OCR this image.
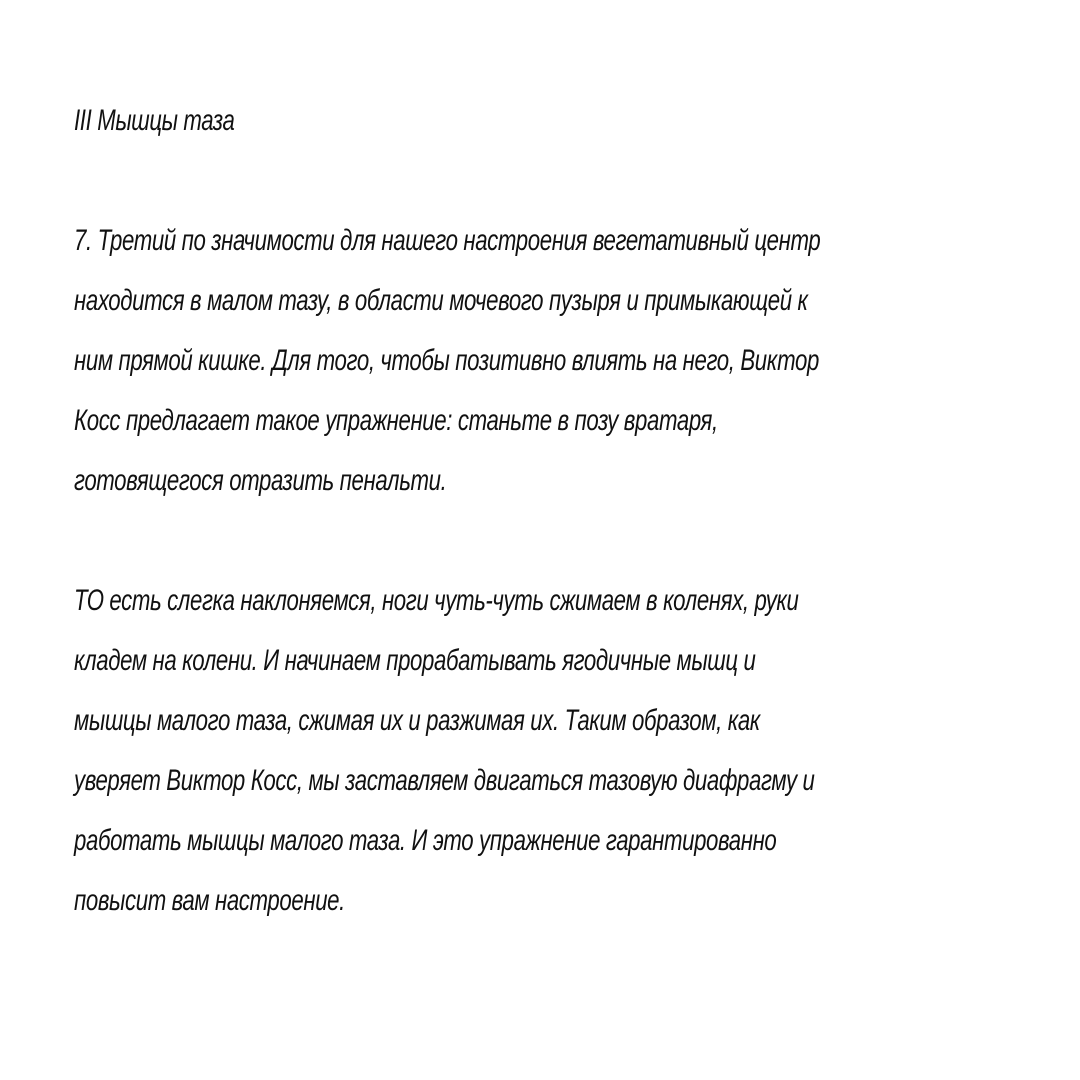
III Мышцы таза
7. Третий по значимости для нашего настроения вегетативный центр
находится в малом тазу, в области мочевого пузыря и примыкающей к
ним прямой кишке. Для того, чтобы позитивно влиять на него, Виктор
Косс предлагает такое упражнение: станьте в позу вратаря,
готовящегося отразить пенальти.
ТО есть слегка наклоняемся, ноги чуть-чуть сжимаем в коленях, руки
кладем на колени. И начинаем прорабатывать ягодичные мышц и
мышцы малого таза, сжимая их и разжимая их. Таким образом, как
уверяет Виктор Косс, мы заставляем двигаться тазовую диафрагму и
работать мышцы малого таза. И это упражнение гарантированно
повысит вам настроение.
